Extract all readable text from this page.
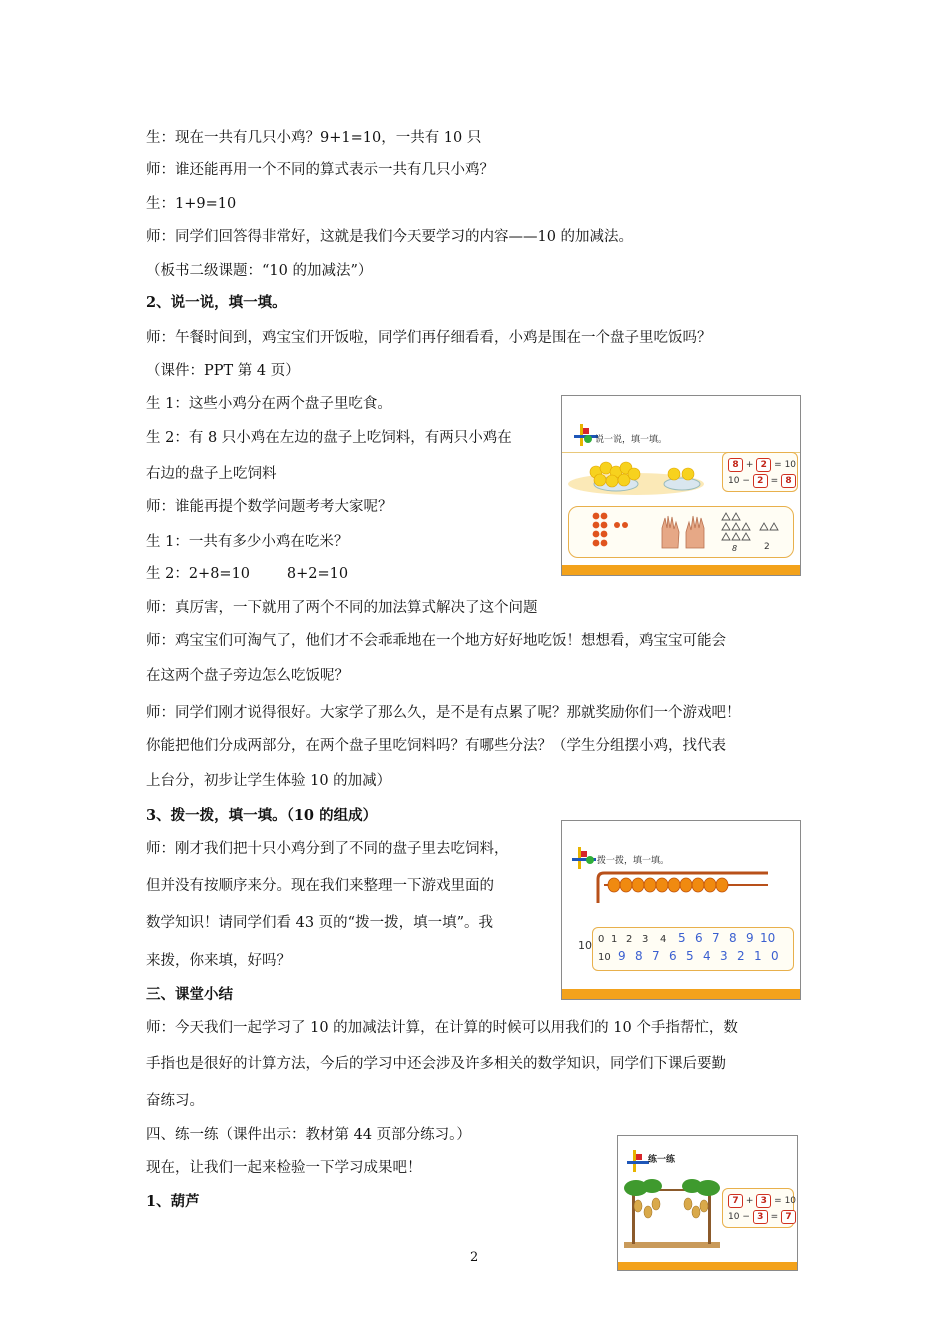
生：现在一共有几只小鸡？9+1=10，一共有 10 只
师：谁还能再用一个不同的算式表示一共有几只小鸡？
生：1+9=10
师：同学们回答得非常好，这就是我们今天要学习的内容——10 的加减法。
（板书二级课题：“10 的加减法”）
2、说一说，填一填。
师：午餐时间到，鸡宝宝们开饭啦，同学们再仔细看看，小鸡是围在一个盘子里吃饭吗？
（课件：PPT 第 4 页）
生 1：这些小鸡分在两个盘子里吃食。
生 2：有 8 只小鸡在左边的盘子上吃饲料，有两只小鸡在
右边的盘子上吃饲料
师：谁能再提个数学问题考考大家呢？
生 1：一共有多少小鸡在吃米？
生 2：2+8=10        8+2=10
师：真厉害，一下就用了两个不同的加法算式解决了这个问题
师：鸡宝宝们可淘气了，他们才不会乖乖地在一个地方好好地吃饭！想想看，鸡宝宝可能会
在这两个盘子旁边怎么吃饭呢？
师：同学们刚才说得很好。大家学了那么久，是不是有点累了呢？那就奖励你们一个游戏吧！
你能把他们分成两部分，在两个盘子里吃饲料吗？有哪些分法？（学生分组摆小鸡，找代表
上台分，初步让学生体验 10 的加减）
3、拨一拨，填一填。（10 的组成）
师：刚才我们把十只小鸡分到了不同的盘子里去吃饲料，
但并没有按顺序来分。现在我们来整理一下游戏里面的
数学知识！请同学们看 43 页的“拨一拨，填一填”。我
来拨，你来填，好吗？
三、课堂小结
师：今天我们一起学习了 10 的加减法计算，在计算的时候可以用我们的 10 个手指帮忙，数
手指也是很好的计算方法，今后的学习中还会涉及许多相关的数学知识，同学们下课后要勤
奋练习。
四、练一练（课件出示：教材第 44 页部分练习。）
现在，让我们一起来检验一下学习成果吧！
1、葫芦
说一说，填一填。
8 + 2 = 10
10 − 2 = 8
8	2
拨一拨，填一填。
10 0 1 2 3 4 5 6 7 8 9 10
10 9 8 7 6 5 4 3 2 1 0
练一练
7 + 3 = 10
10 − 3 = 7
2
